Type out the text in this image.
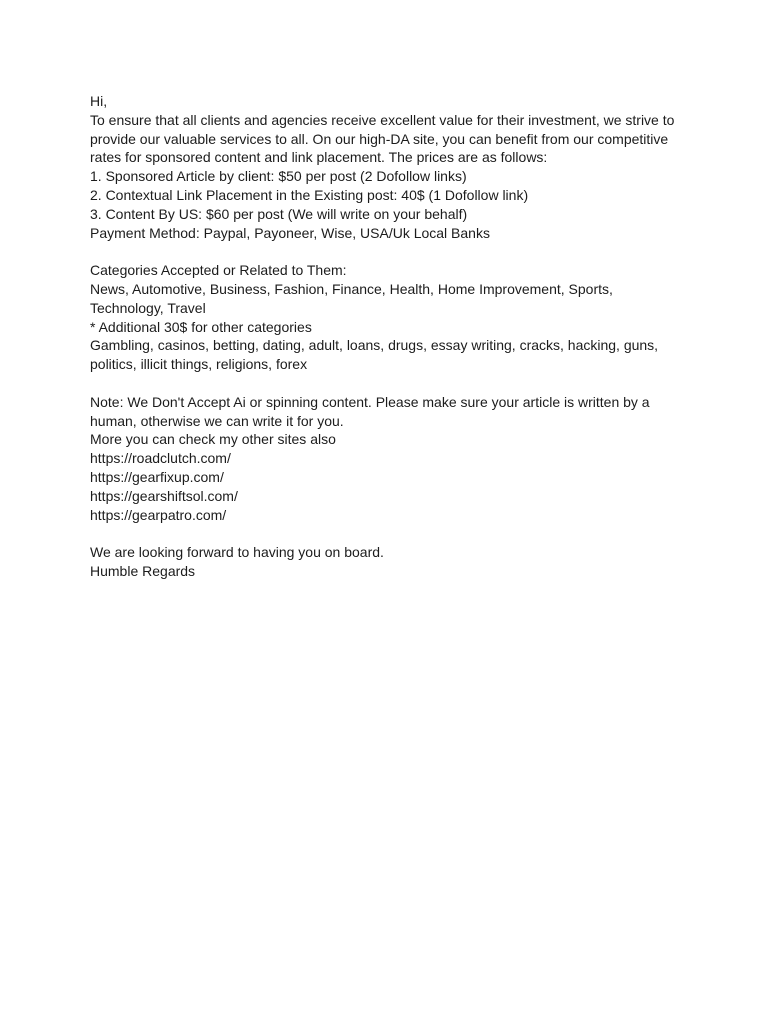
Hi,
To ensure that all clients and agencies receive excellent value for their investment, we strive to
provide our valuable services to all. On our high-DA site, you can benefit from our competitive
rates for sponsored content and link placement. The prices are as follows:
1. Sponsored Article by client: $50 per post (2 Dofollow links)
2. Contextual Link Placement in the Existing post: 40$ (1 Dofollow link)
3. Content By US: $60 per post (We will write on your behalf)
Payment Method: Paypal, Payoneer, Wise, USA/Uk Local Banks
Categories Accepted or Related to Them:
News, Automotive, Business, Fashion, Finance, Health, Home Improvement, Sports,
Technology, Travel
* Additional 30$ for other categories
Gambling, casinos, betting, dating, adult, loans, drugs, essay writing, cracks, hacking, guns,
politics, illicit things, religions, forex
Note: We Don't Accept Ai or spinning content. Please make sure your article is written by a
human, otherwise we can write it for you.
More you can check my other sites also
https://roadclutch.com/
https://gearfixup.com/
https://gearshiftsol.com/
https://gearpatro.com/
We are looking forward to having you on board.
Humble Regards
